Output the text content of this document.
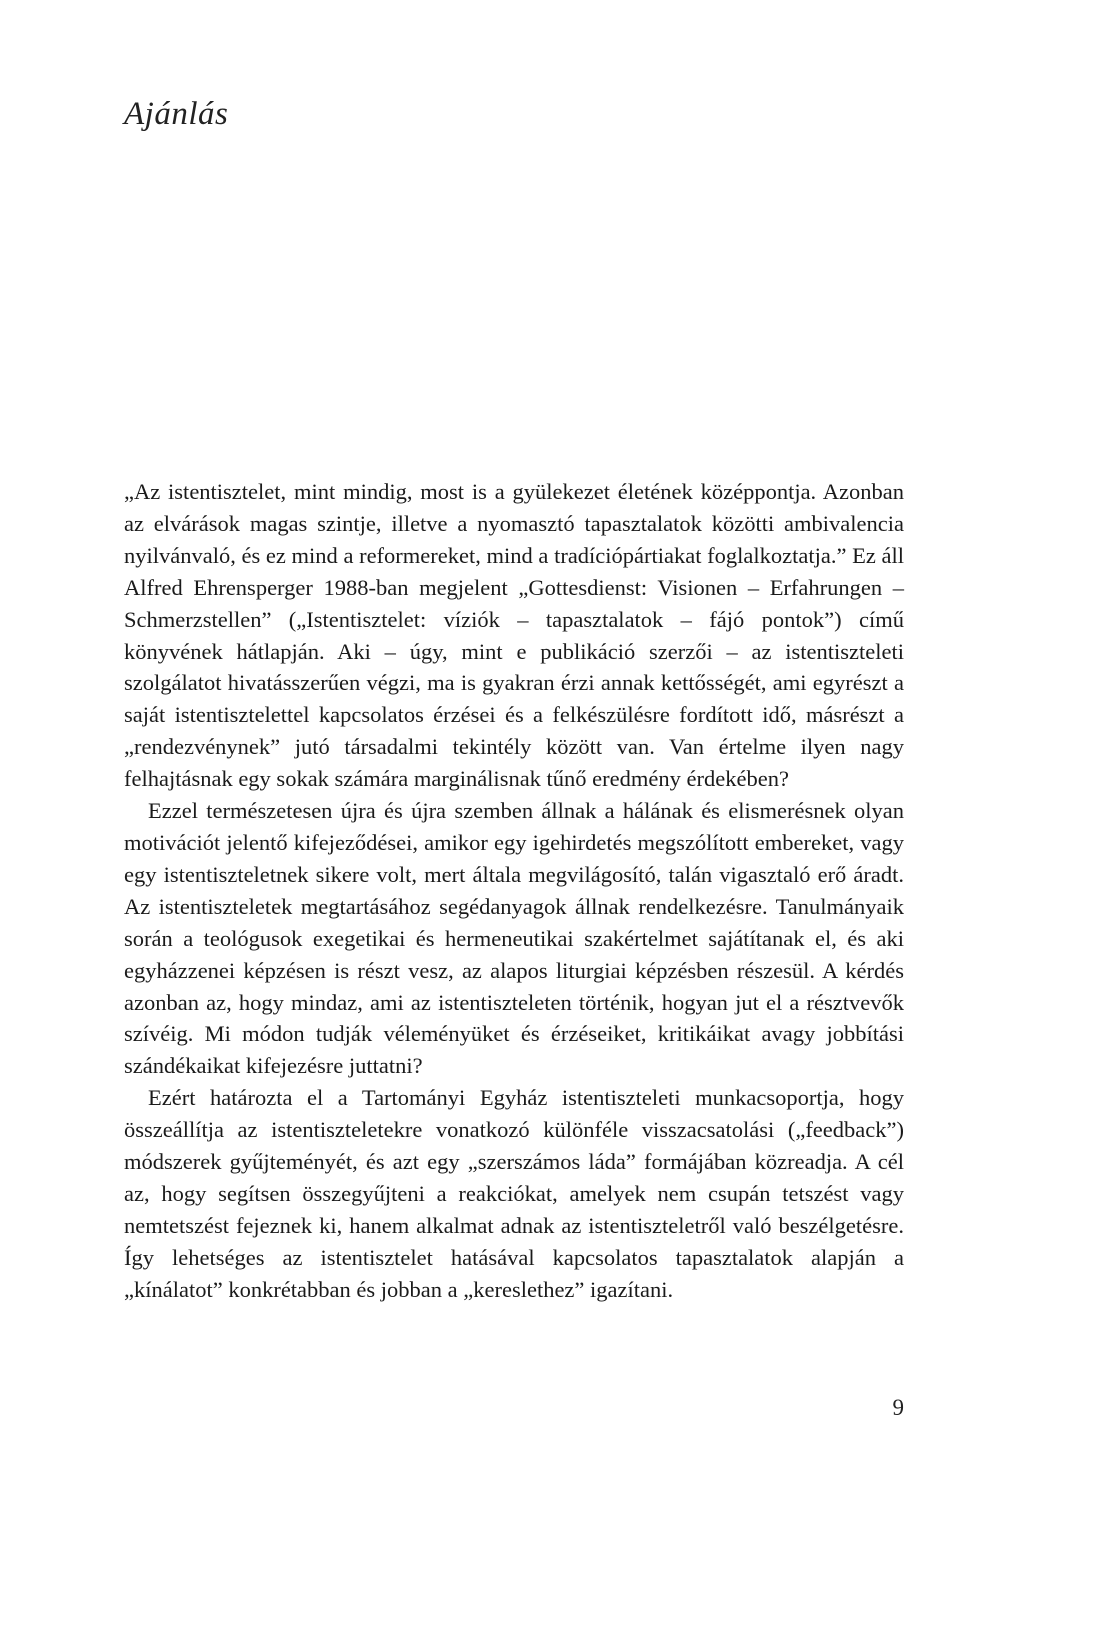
Ajánlás

„Az istentisztelet, mint mindig, most is a gyülekezet életének középpontja. Azonban az elvárások magas szintje, illetve a nyomasztó tapasztalatok közötti ambivalencia nyilvánvaló, és ez mind a reformereket, mind a tradíciópártiakat foglalkoztatja.” Ez áll Alfred Ehrensperger 1988-ban megjelent „Gottesdienst: Visionen – Erfahrungen – Schmerzstellen” („Istentisztelet: víziók – tapasztalatok – fájó pontok”) című könyvének hátlapján. Aki – úgy, mint e publikáció szerzői – az istentiszteleti szolgálatot hivatásszerűen végzi, ma is gyakran érzi annak kettősségét, ami egyrészt a saját istentisztelettel kapcsolatos érzései és a felkészülésre fordított idő, másrészt a „rendezvénynek” jutó társadalmi tekintély között van. Van értelme ilyen nagy felhajtásnak egy sokak számára marginálisnak tűnő eredmény érdekében?

Ezzel természetesen újra és újra szemben állnak a hálának és elismerésnek olyan motivációt jelentő kifejeződései, amikor egy igehirdetés megszólított embereket, vagy egy istentiszteletnek sikere volt, mert általa megvilágosító, talán vigasztaló erő áradt. Az istentiszteletek megtartásához segédanyagok állnak rendelkezésre. Tanulmányaik során a teológusok exegetikai és hermeneutikai szakértelmet sajátítanak el, és aki egyházzenei képzésen is részt vesz, az alapos liturgiai képzésben részesül. A kérdés azonban az, hogy mindaz, ami az istentiszteleten történik, hogyan jut el a résztvevők szívéig. Mi módon tudják véleményüket és érzéseiket, kritikáikat avagy jobbítási szándékaikat kifejezésre juttatni?

Ezért határozta el a Tartományi Egyház istentiszteleti munkacsoportja, hogy összeállítja az istentiszteletekre vonatkozó különféle visszacsatolási („feedback”) módszerek gyűjteményét, és azt egy „szerszámos láda” formájában közreadja. A cél az, hogy segítsen összegyűjteni a reakciókat, amelyek nem csupán tetszést vagy nemtetszést fejeznek ki, hanem alkalmat adnak az istentiszteletről való beszélgetésre. Így lehetséges az istentisztelet hatásával kapcsolatos tapasztalatok alapján a „kínálatot” konkrétabban és jobban a „kereslethez” igazítani.

9
